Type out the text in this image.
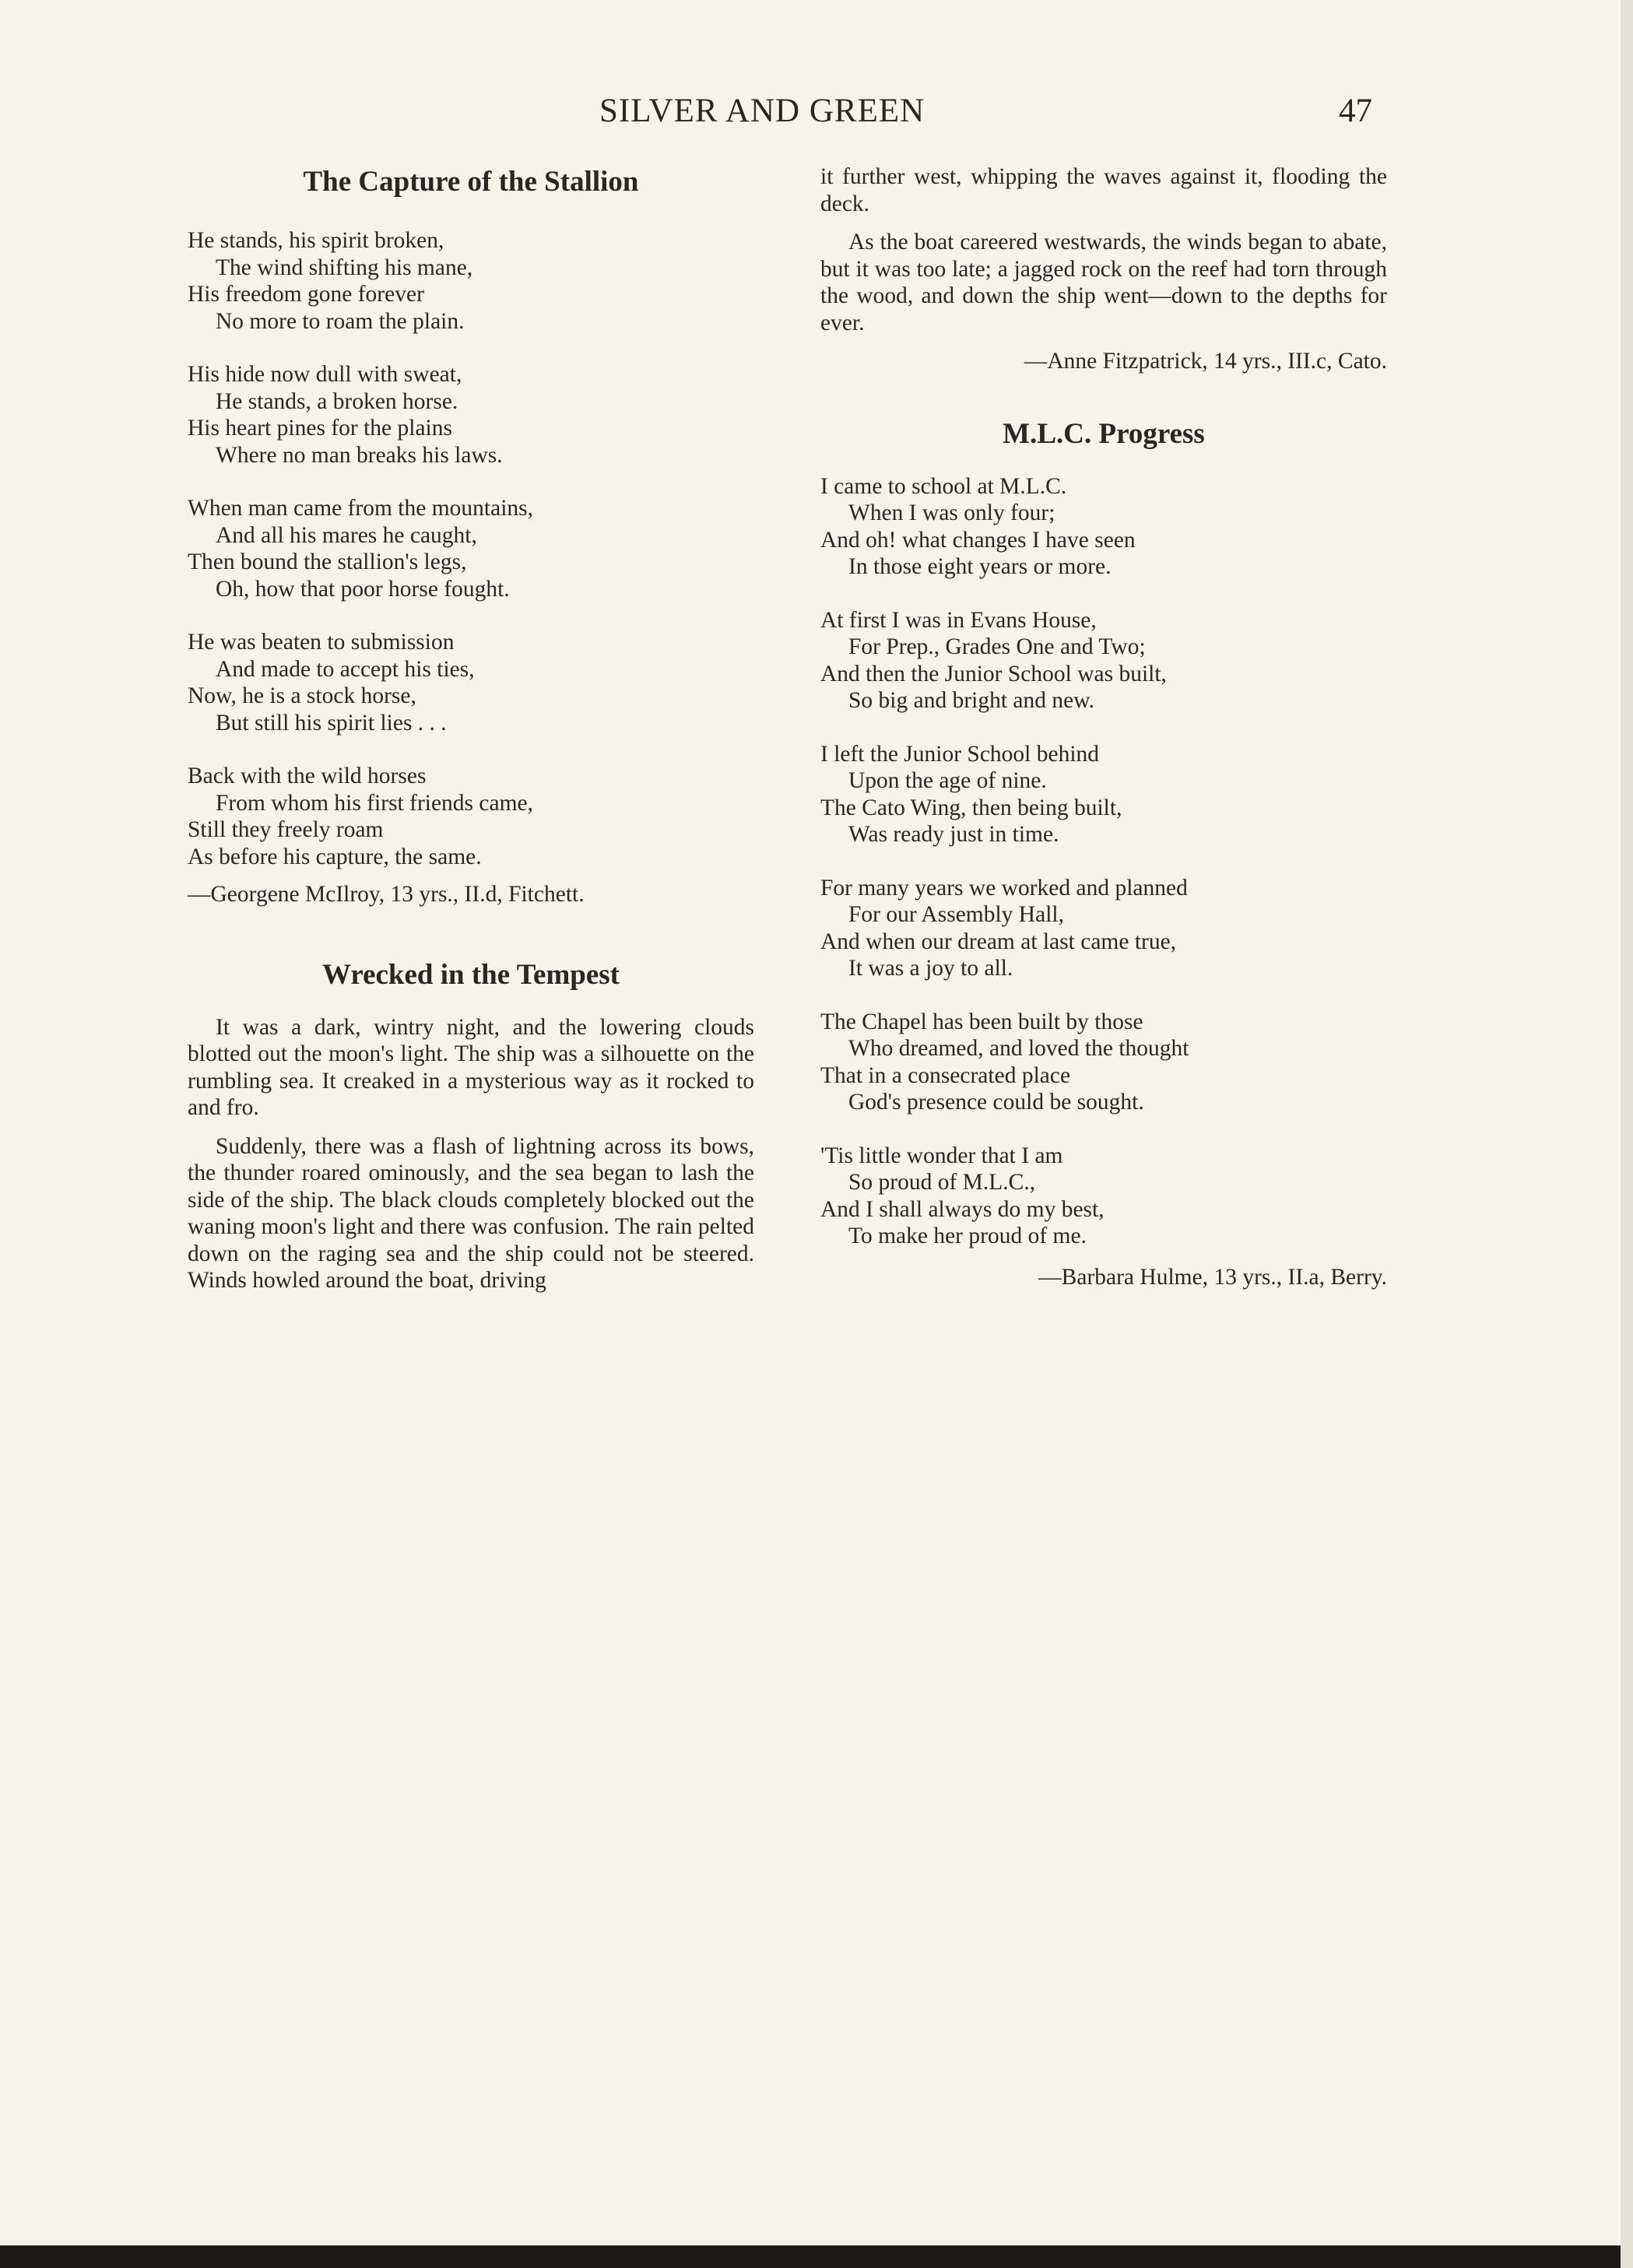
SILVER AND GREEN	47
The Capture of the Stallion
He stands, his spirit broken,
The wind shifting his mane,
His freedom gone forever
No more to roam the plain.
His hide now dull with sweat,
He stands, a broken horse.
His heart pines for the plains
Where no man breaks his laws.
When man came from the mountains,
And all his mares he caught,
Then bound the stallion's legs,
Oh, how that poor horse fought.
He was beaten to submission
And made to accept his ties,
Now, he is a stock horse,
But still his spirit lies . . .
Back with the wild horses
From whom his first friends came,
Still they freely roam
As before his capture, the same.
—Georgene McIlroy, 13 yrs., II.d, Fitchett.
Wrecked in the Tempest

It was a dark, wintry night, and the lowering clouds blotted out the moon's light. The ship was a silhouette on the rumbling sea. It creaked in a mysterious way as it rocked to and fro.

Suddenly, there was a flash of lightning across its bows, the thunder roared ominously, and the sea began to lash the side of the ship. The black clouds completely blocked out the waning moon's light and there was confusion. The rain pelted down on the raging sea and the ship could not be steered. Winds howled around the boat, driving

it further west, whipping the waves against it, flooding the deck.

As the boat careered westwards, the winds began to abate, but it was too late; a jagged rock on the reef had torn through the wood, and down the ship went—down to the depths for ever.

—Anne Fitzpatrick, 14 yrs., III.c, Cato.
M.L.C. Progress
I came to school at M.L.C.
When I was only four;
And oh! what changes I have seen
In those eight years or more.
At first I was in Evans House,
For Prep., Grades One and Two;
And then the Junior School was built,
So big and bright and new.
I left the Junior School behind
Upon the age of nine.
The Cato Wing, then being built,
Was ready just in time.
For many years we worked and planned
For our Assembly Hall,
And when our dream at last came true,
It was a joy to all.
The Chapel has been built by those
Who dreamed, and loved the thought
That in a consecrated place
God's presence could be sought.
'Tis little wonder that I am
So proud of M.L.C.,
And I shall always do my best,
To make her proud of me.
—Barbara Hulme, 13 yrs., II.a, Berry.
